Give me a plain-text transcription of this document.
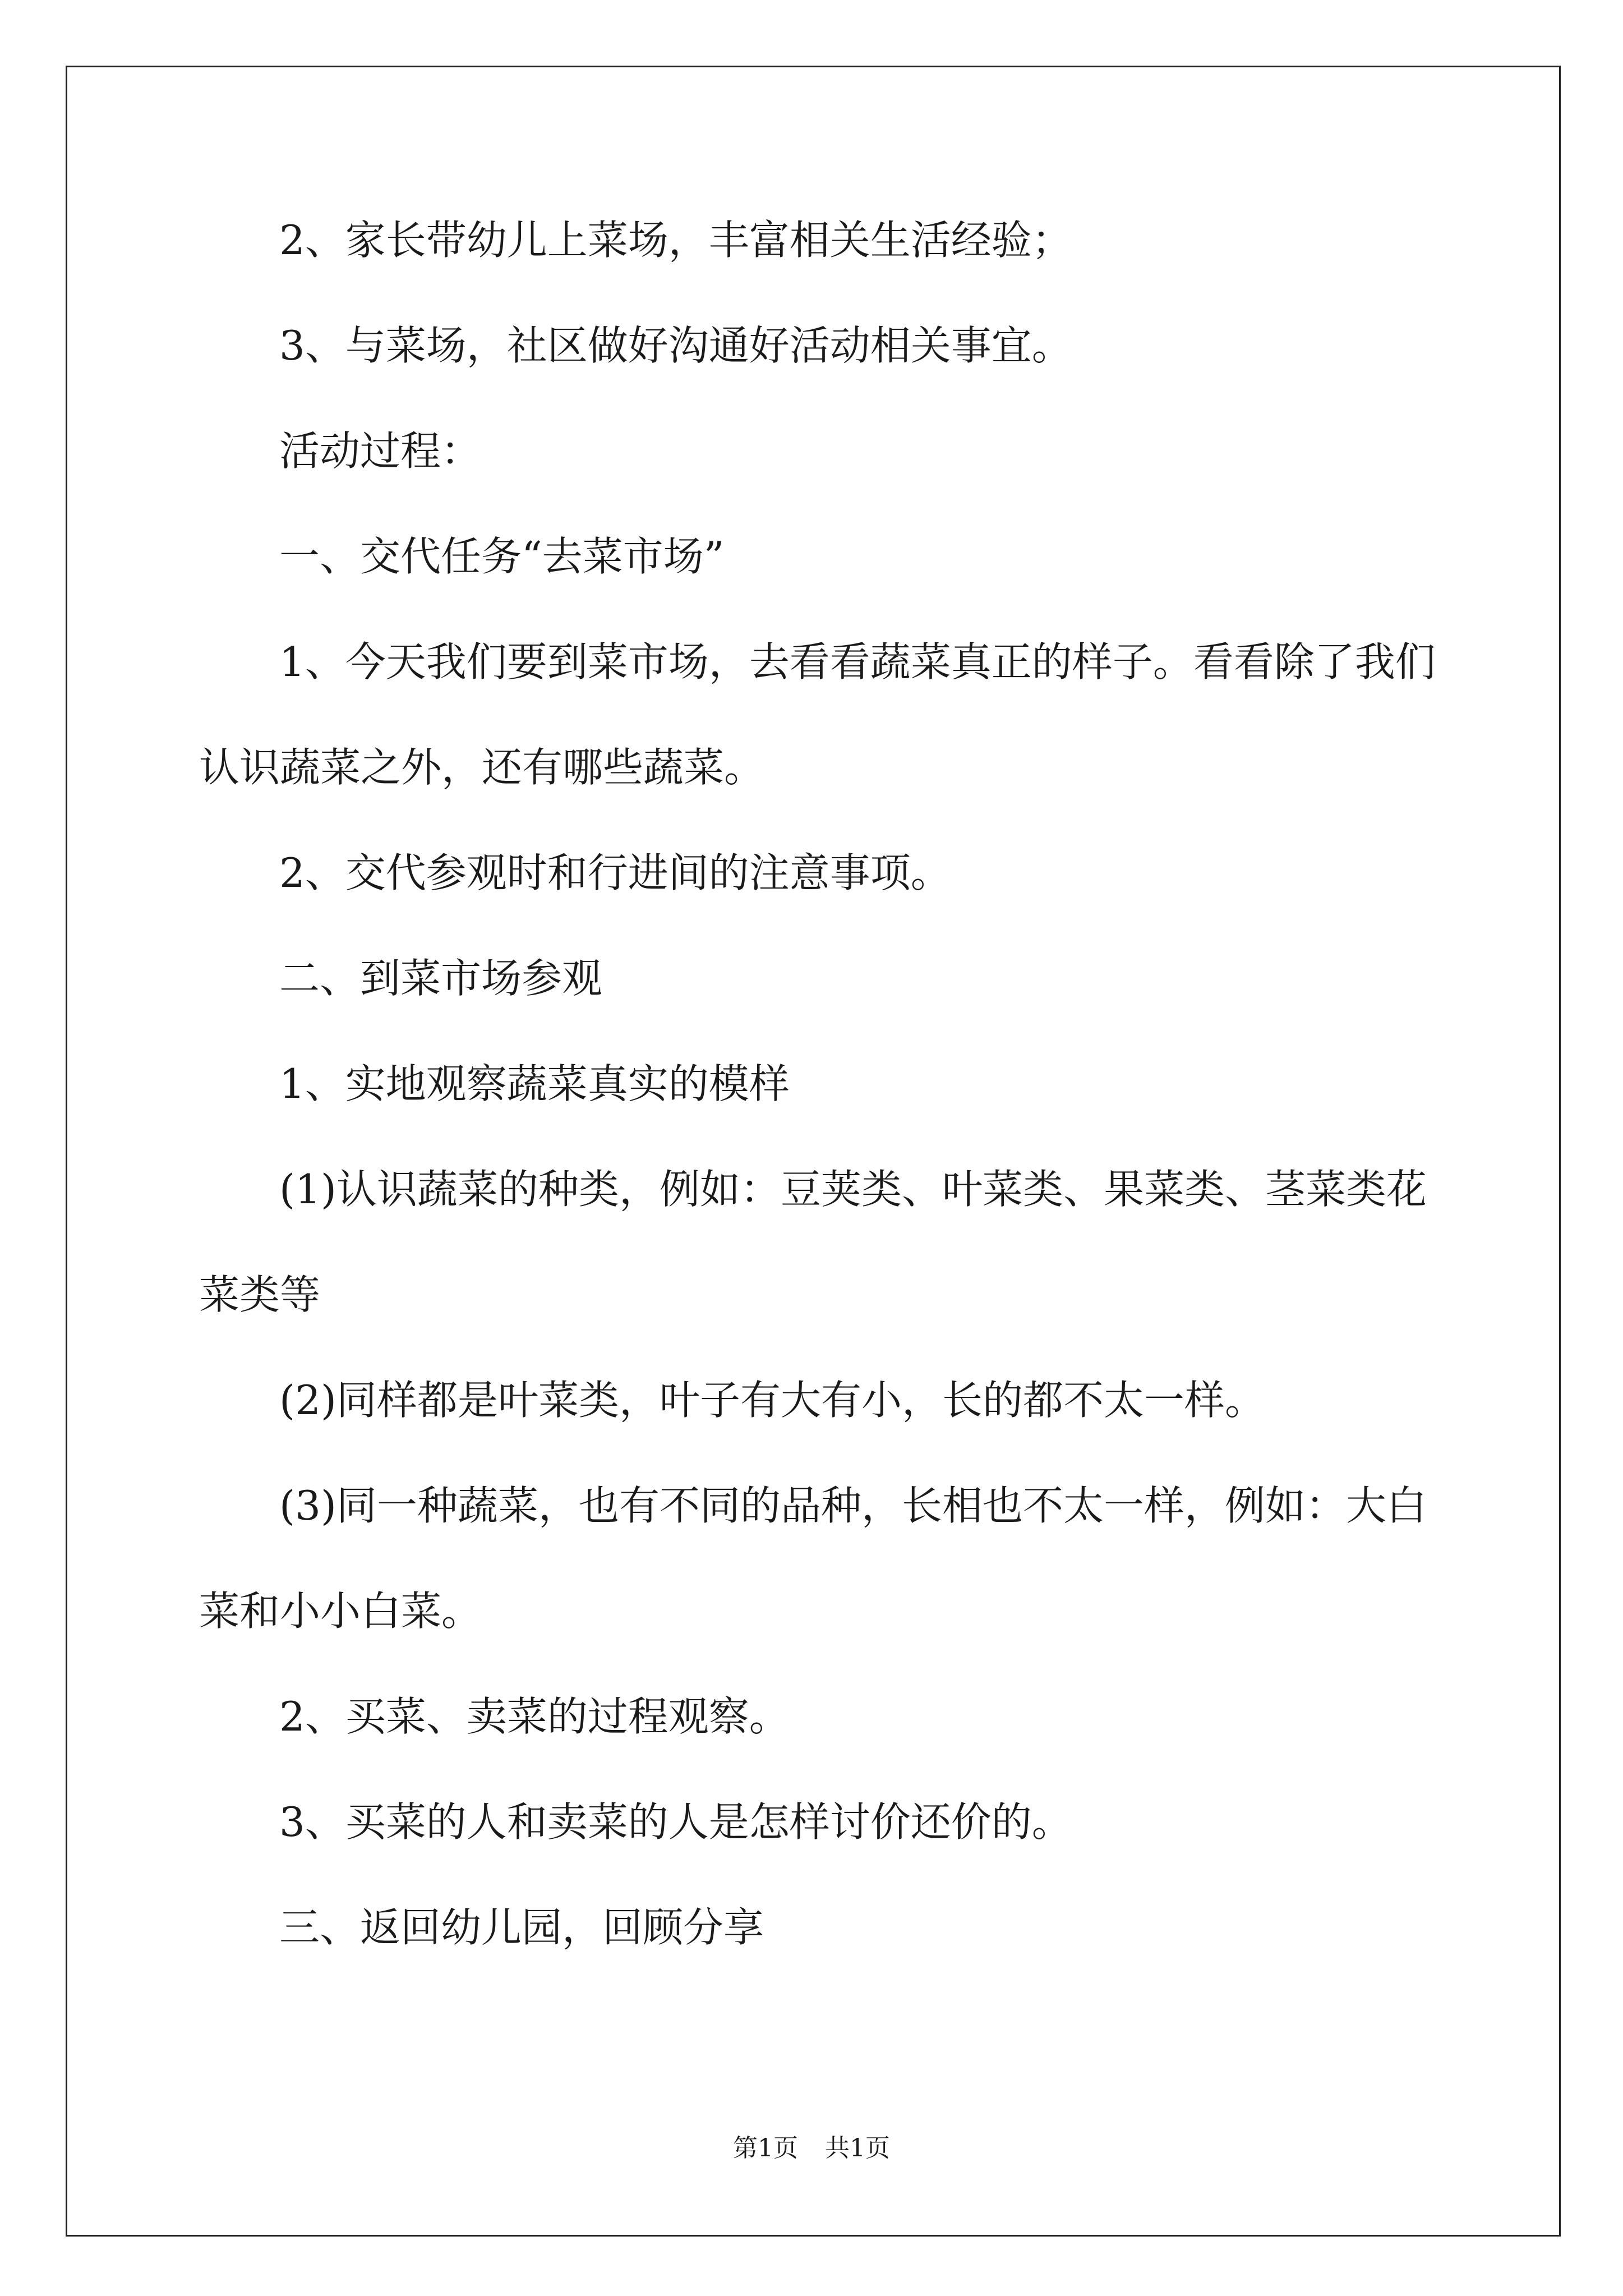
2、家长带幼儿上菜场，丰富相关生活经验；

3、与菜场，社区做好沟通好活动相关事宜。

活动过程：

一、交代任务“去菜市场”

1、今天我们要到菜市场，去看看蔬菜真正的样子。看看除了我们

认识蔬菜之外，还有哪些蔬菜。

2、交代参观时和行进间的注意事项。

二、到菜市场参观

1、实地观察蔬菜真实的模样

(1)认识蔬菜的种类，例如：豆荚类、叶菜类、果菜类、茎菜类花

菜类等

(2)同样都是叶菜类，叶子有大有小，长的都不太一样。

(3)同一种蔬菜，也有不同的品种，长相也不太一样，例如：大白

菜和小小白菜。

2、买菜、卖菜的过程观察。

3、买菜的人和卖菜的人是怎样讨价还价的。

三、返回幼儿园，回顾分享

第1页 共1页
